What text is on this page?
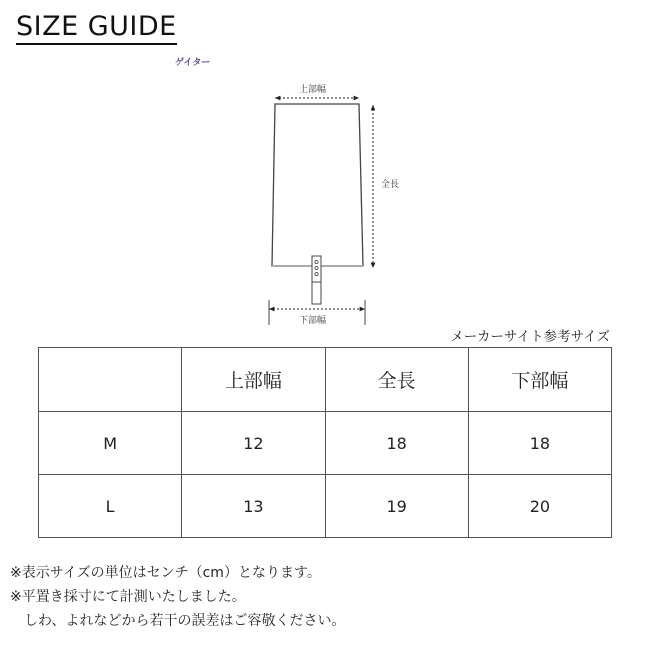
SIZE GUIDE
ゲイター
上部幅
全長
下部幅
メーカーサイト参考サイズ
	上部幅	全長	下部幅
M	12	18	18
L	13	19	20
※表示サイズの単位はセンチ（cm）となります。
※平置き採寸にて計測いたしました。
　しわ、よれなどから若干の誤差はご容敬ください。
